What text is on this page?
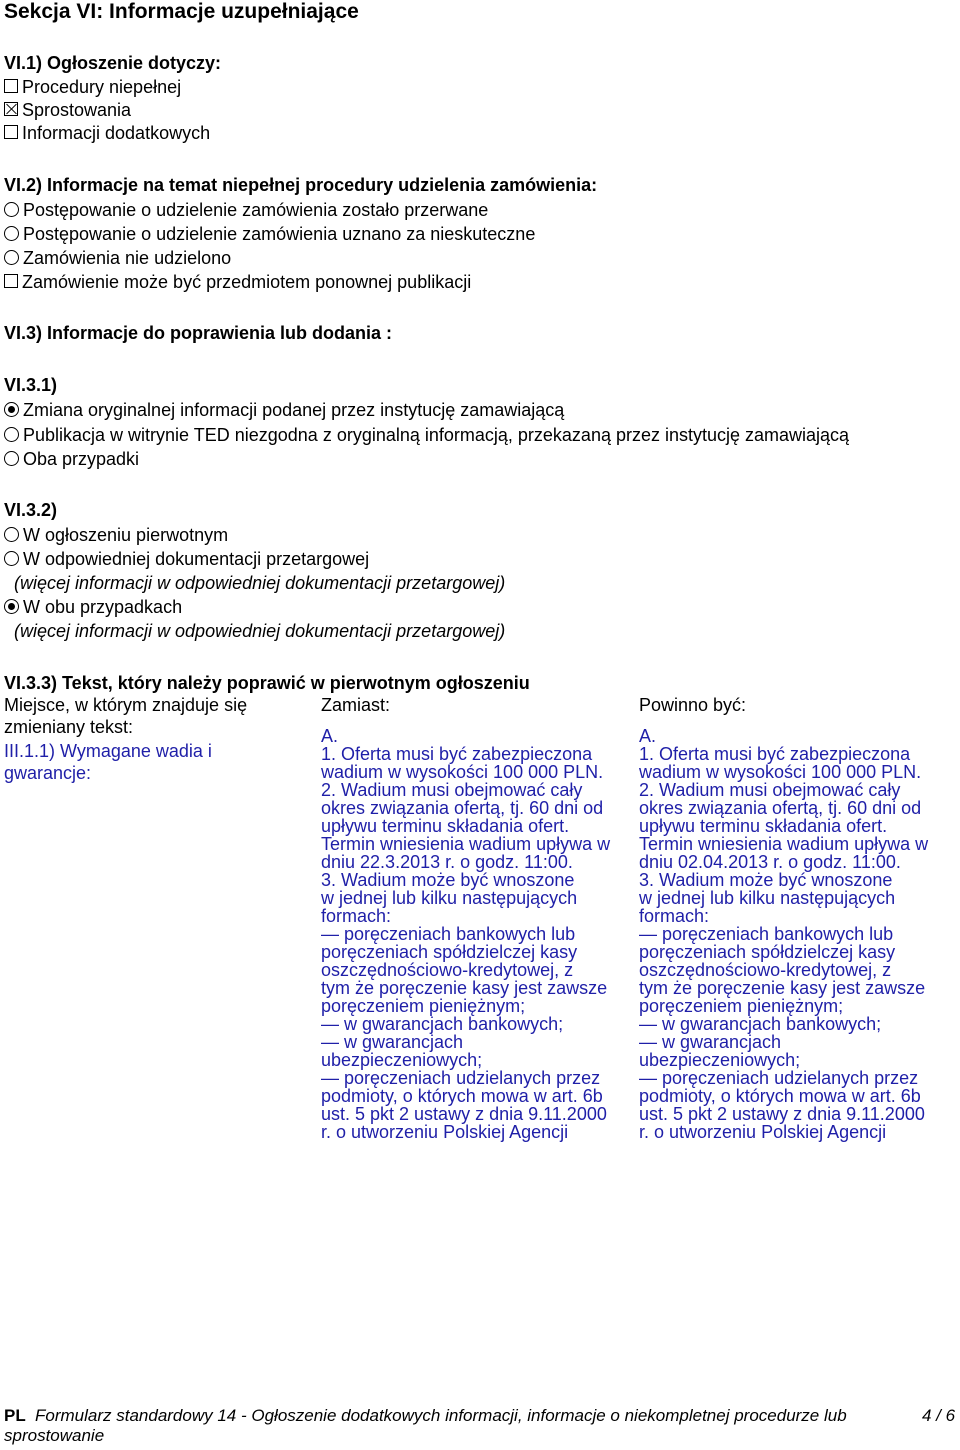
Sekcja VI: Informacje uzupełniające
VI.1) Ogłoszenie dotyczy:
Procedury niepełnej
Sprostowania
Informacji dodatkowych
VI.2) Informacje na temat niepełnej procedury udzielenia zamówienia:
Postępowanie o udzielenie zamówienia zostało przerwane
Postępowanie o udzielenie zamówienia uznano za nieskuteczne
Zamówienia nie udzielono
Zamówienie może być przedmiotem ponownej publikacji
VI.3) Informacje do poprawienia lub dodania :
VI.3.1)
Zmiana oryginalnej informacji podanej przez instytucję zamawiającą
Publikacja w witrynie TED niezgodna z oryginalną informacją, przekazaną przez instytucję zamawiającą
Oba przypadki
VI.3.2)
W ogłoszeniu pierwotnym
W odpowiedniej dokumentacji przetargowej
(więcej informacji w odpowiedniej dokumentacji przetargowej)
W obu przypadkach
(więcej informacji w odpowiedniej dokumentacji przetargowej)
VI.3.3) Tekst, który należy poprawić w pierwotnym ogłoszeniu
Miejsce, w którym znajduje się
zmieniany tekst:
III.1.1) Wymagane wadia i
gwarancje:
Zamiast:	Powinno być:
A.
1. Oferta musi być zabezpieczona
wadium w wysokości 100 000 PLN.
2. Wadium musi obejmować cały
okres związania ofertą, tj. 60 dni od
upływu terminu składania ofert.
Termin wniesienia wadium upływa w
dniu 22.3.2013 r. o godz. 11:00.
3. Wadium może być wnoszone
w jednej lub kilku następujących
formach:
— poręczeniach bankowych lub
poręczeniach spółdzielczej kasy
oszczędnościowo-kredytowej, z
tym że poręczenie kasy jest zawsze
poręczeniem pieniężnym;
— w gwarancjach bankowych;
— w gwarancjach
ubezpieczeniowych;
— poręczeniach udzielanych przez
podmioty, o których mowa w art. 6b
ust. 5 pkt 2 ustawy z dnia 9.11.2000
r. o utworzeniu Polskiej Agencji
A.
1. Oferta musi być zabezpieczona
wadium w wysokości 100 000 PLN.
2. Wadium musi obejmować cały
okres związania ofertą, tj. 60 dni od
upływu terminu składania ofert.
Termin wniesienia wadium upływa w
dniu 02.04.2013 r. o godz. 11:00.
3. Wadium może być wnoszone
w jednej lub kilku następujących
formach:
— poręczeniach bankowych lub
poręczeniach spółdzielczej kasy
oszczędnościowo-kredytowej, z
tym że poręczenie kasy jest zawsze
poręczeniem pieniężnym;
— w gwarancjach bankowych;
— w gwarancjach
ubezpieczeniowych;
— poręczeniach udzielanych przez
podmioty, o których mowa w art. 6b
ust. 5 pkt 2 ustawy z dnia 9.11.2000
r. o utworzeniu Polskiej Agencji
PL Formularz standardowy 14 - Ogłoszenie dodatkowych informacji, informacje o niekompletnej procedurze lub
sprostowanie
4 / 6
